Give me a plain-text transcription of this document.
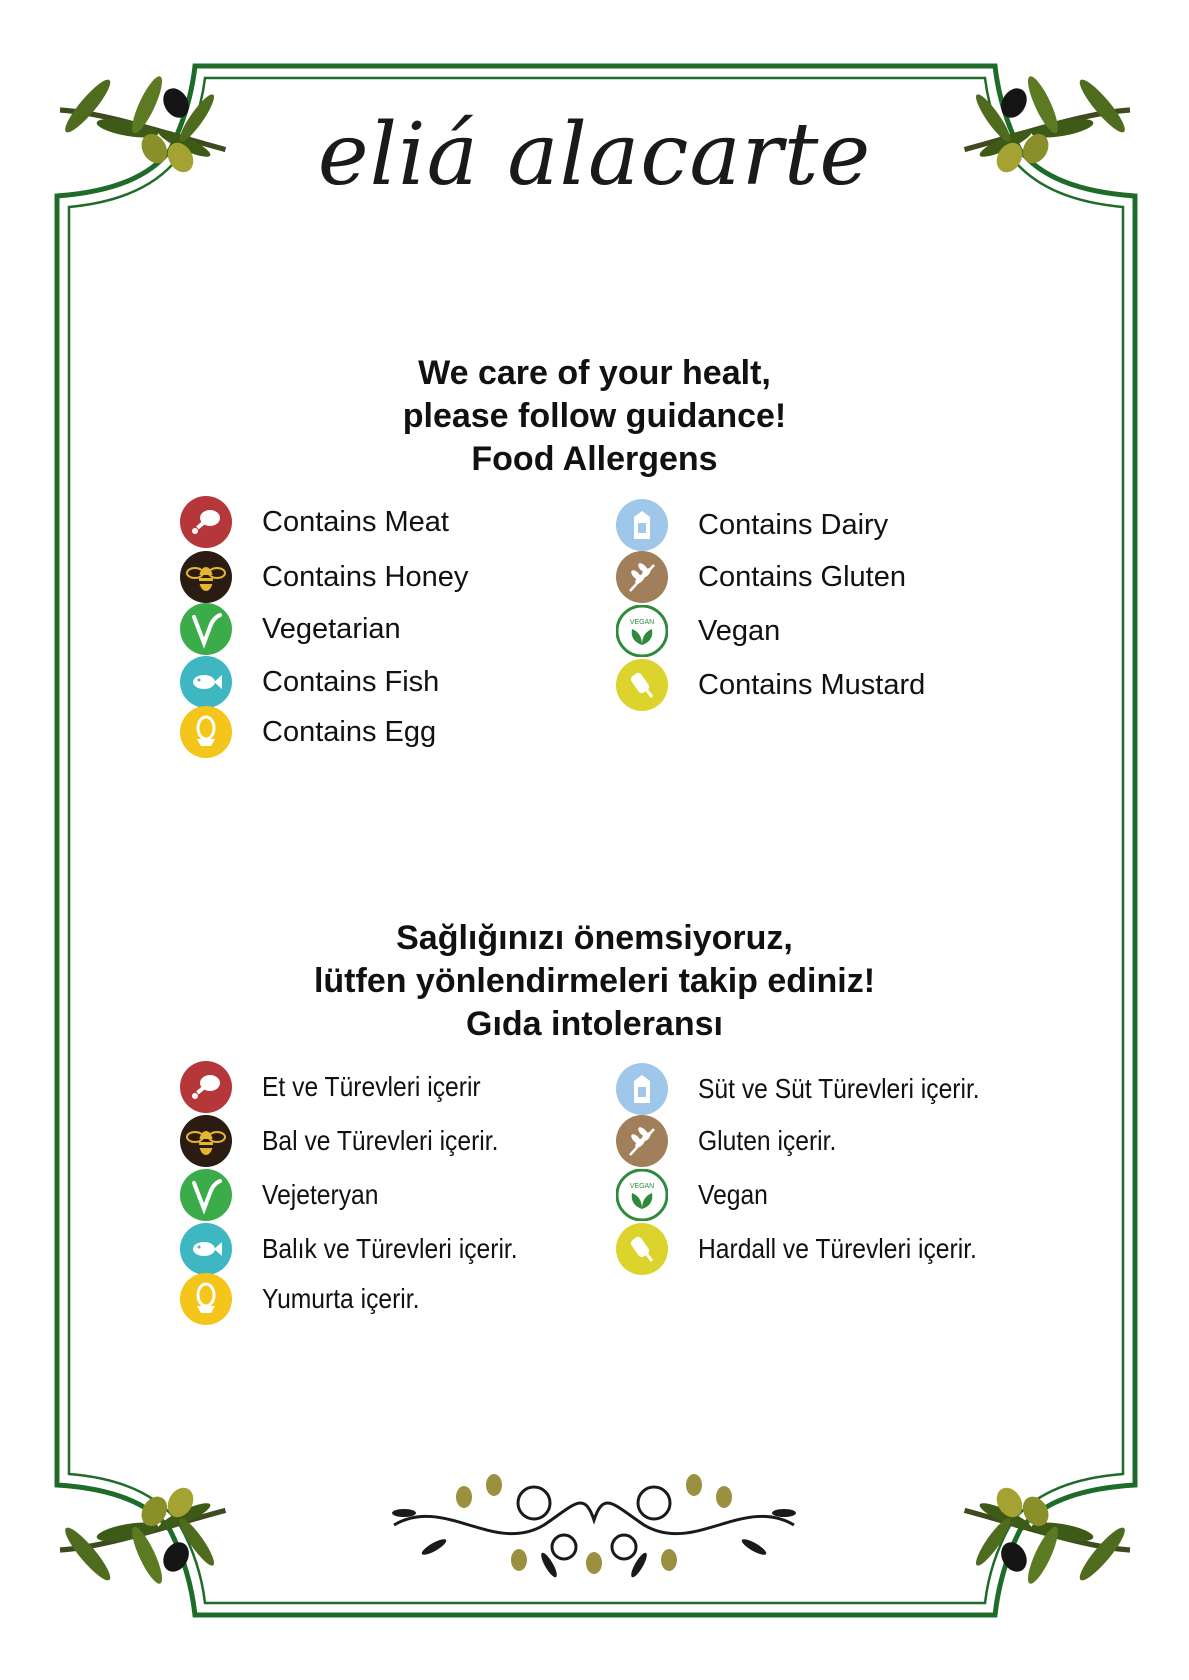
eliá alacarte
We care of your healt,
please follow guidance!
Food Allergens
Contains Meat
Contains Honey
Vegetarian
Contains Fish
Contains Egg
Contains Dairy
Contains Gluten
VEGAN Vegan
Contains Mustard
Sağlığınızı önemsiyoruz,
lütfen yönlendirmeleri takip ediniz!
Gıda intoleransı
Et ve Türevleri içerir
Bal ve Türevleri içerir.
Vejeteryan
Balık ve Türevleri içerir.
Yumurta içerir.
Süt ve Süt Türevleri içerir.
Gluten içerir.
VEGAN Vegan
Hardall ve Türevleri içerir.
